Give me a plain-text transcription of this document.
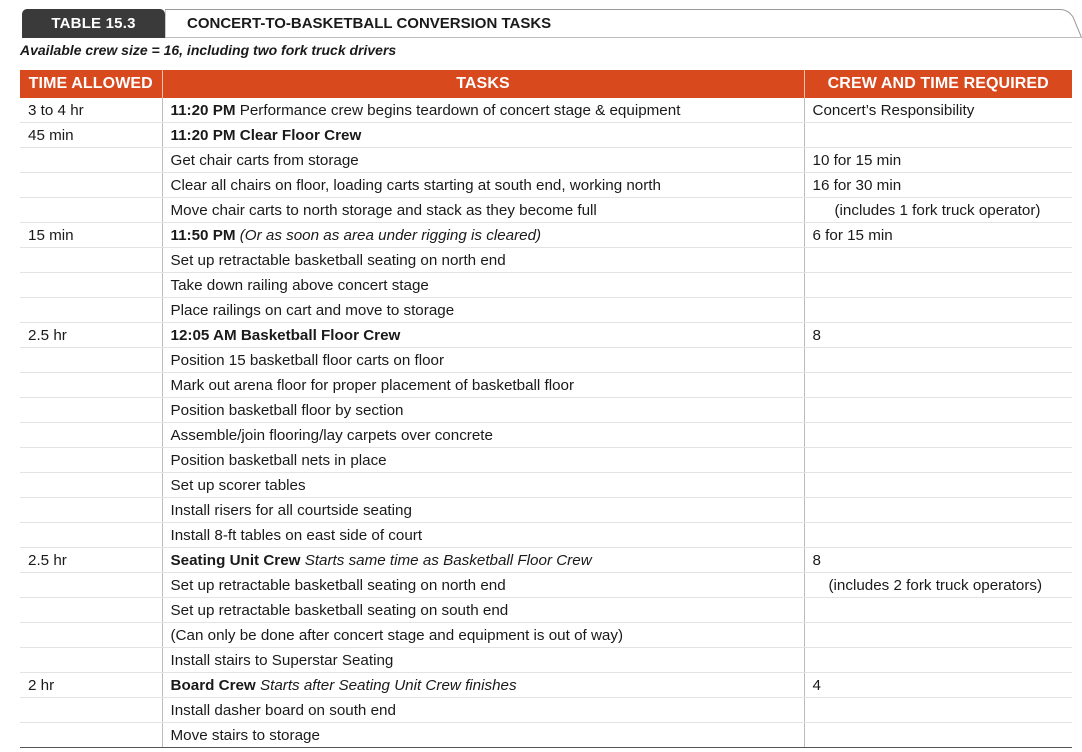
TABLE 15.3	CONCERT-TO-BASKETBALL CONVERSION TASKS
Available crew size = 16, including two fork truck drivers
TIME ALLOWED	TASKS	CREW AND TIME REQUIRED
3 to 4 hr	11:20 PM Performance crew begins teardown of concert stage & equipment	Concert’s Responsibility
45 min	11:20 PM Clear Floor Crew	
	Get chair carts from storage	10 for 15 min
	Clear all chairs on floor, loading carts starting at south end, working north	16 for 30 min
	Move chair carts to north storage and stack as they become full	(includes 1 fork truck operator)
15 min	11:50 PM (Or as soon as area under rigging is cleared)	6 for 15 min
	Set up retractable basketball seating on north end	
	Take down railing above concert stage	
	Place railings on cart and move to storage	
2.5 hr	12:05 AM Basketball Floor Crew	8
	Position 15 basketball floor carts on floor	
	Mark out arena floor for proper placement of basketball floor	
	Position basketball floor by section	
	Assemble/join flooring/lay carpets over concrete	
	Position basketball nets in place	
	Set up scorer tables	
	Install risers for all courtside seating	
	Install 8-ft tables on east side of court	
2.5 hr	Seating Unit Crew Starts same time as Basketball Floor Crew	8
	Set up retractable basketball seating on north end	(includes 2 fork truck operators)
	Set up retractable basketball seating on south end	
	(Can only be done after concert stage and equipment is out of way)	
	Install stairs to Superstar Seating	
2 hr	Board Crew Starts after Seating Unit Crew finishes	4
	Install dasher board on south end	
	Move stairs to storage	
